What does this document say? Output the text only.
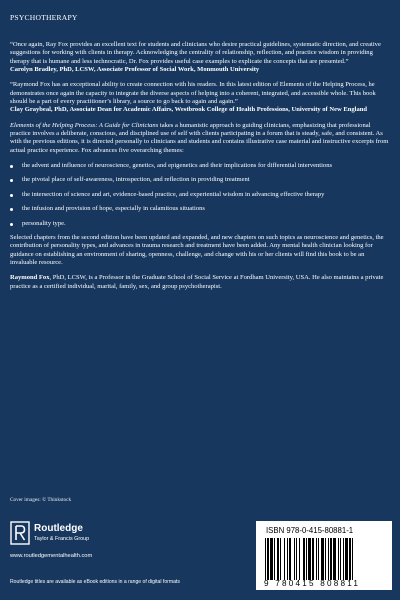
PSYCHOTHERAPY

“Once again, Ray Fox provides an excellent text for students and clinicians who desire practical guidelines, systematic direction, and creative suggestions for working with clients in therapy. Acknowledging the centrality of relationship, reflection, and practice wisdom in providing therapy that is humane and less technocratic, Dr. Fox provides useful case examples to explicate the concepts that are presented.”
Carolyn Bradley, PhD, LCSW, Associate Professor of Social Work, Monmouth University

“Raymond Fox has an exceptional ability to create connection with his readers. In this latest edition of Elements of the Helping Process, he demonstrates once again the capacity to integrate the diverse aspects of helping into a coherent, integrated, and accessible whole. This book should be a part of every practitioner’s library, a source to go back to again and again.”
Clay Graybeal, PhD, Associate Dean for Academic Affairs, Westbrook College of Health Professions, University of New England

Elements of the Helping Process: A Guide for Clinicians takes a humanistic approach to guiding clinicians, emphasizing that professional practice involves a deliberate, conscious, and disciplined use of self with clients participating in a forum that is steady, safe, and consistent. As with the previous editions, it is directed personally to clinicians and students and contains illustrative case material and instructive excerpts from actual practice experience. Fox advances five overarching themes:

the advent and influence of neuroscience, genetics, and epigenetics and their implications for differential interventions
the pivotal place of self-awareness, introspection, and reflection in providing treatment
the intersection of science and art, evidence-based practice, and experiential wisdom in advancing effective therapy
the infusion and provision of hope, especially in calamitous situations
personality type.

Selected chapters from the second edition have been updated and expanded, and new chapters on such topics as neuroscience and genetics, the contribution of personality types, and advances in trauma research and treatment have been added. Any mental health clinician looking for guidance on establishing an environment of sharing, openness, challenge, and change with his or her clients will find this book to be an invaluable resource.

Raymond Fox, PhD, LCSW, is a Professor in the Graduate School of Social Service at Fordham University, USA. He also maintains a private practice as a certified individual, marital, family, sex, and group psychotherapist.

Cover images: © Thinkstock
Routledge
Taylor & Francis Group
www.routledgementalhealth.com
ISBN 978-0-415-80881-1
9 780415 808811
Routledge titles are available as eBook editions in a range of digital formats
